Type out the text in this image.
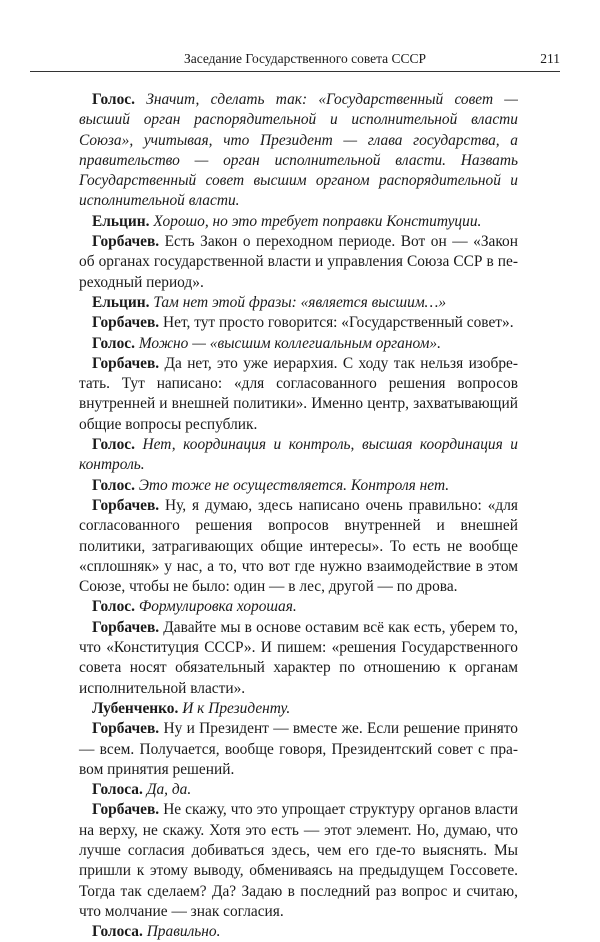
Заседание Государственного совета СССР	211

Голос. Значит, сделать так: «Государственный совет — высший орган распорядительной и исполнительной власти Союза», учитывая, что Президент — глава государства, а правительство — орган исполнительной власти. Назвать Государственный совет высшим органом распорядительной и исполнительной власти.

Ельцин. Хорошо, но это требует поправки Конституции.

Горбачев. Есть Закон о переходном периоде. Вот он — «Закон об органах государственной власти и управления Союза ССР в переходный период».

Ельцин. Там нет этой фразы: «является высшим…»

Горбачев. Нет, тут просто говорится: «Государственный совет».

Голос. Можно — «высшим коллегиальным органом».

Горбачев. Да нет, это уже иерархия. С ходу так нельзя изобретать. Тут написано: «для согласованного решения вопросов внутренней и внешней политики». Именно центр, захватывающий общие вопросы республик.

Голос. Нет, координация и контроль, высшая координация и контроль.

Голос. Это тоже не осуществляется. Контроля нет.

Горбачев. Ну, я думаю, здесь написано очень правильно: «для согласованного решения вопросов внутренней и внешней политики, затрагивающих общие интересы». То есть не вообще «сплошняк» у нас, а то, что вот где нужно взаимодействие в этом Союзе, чтобы не было: один — в лес, другой — по дрова.

Голос. Формулировка хорошая.

Горбачев. Давайте мы в основе оставим всё как есть, уберем то, что «Конституция СССР». И пишем: «решения Государственного совета носят обязательный характер по отношению к органам исполнительной власти».

Лубенченко. И к Президенту.

Горбачев. Ну и Президент — вместе же. Если решение принято — всем. Получается, вообще говоря, Президентский совет с правом принятия решений.

Голоса. Да, да.

Горбачев. Не скажу, что это упрощает структуру органов власти на верху, не скажу. Хотя это есть — этот элемент. Но, думаю, что лучше согласия добиваться здесь, чем его где-то выяснять. Мы пришли к этому выводу, обмениваясь на предыдущем Госсовете. Тогда так сделаем? Да? Задаю в последний раз вопрос и считаю, что молчание — знак согласия.

Голоса. Правильно.
